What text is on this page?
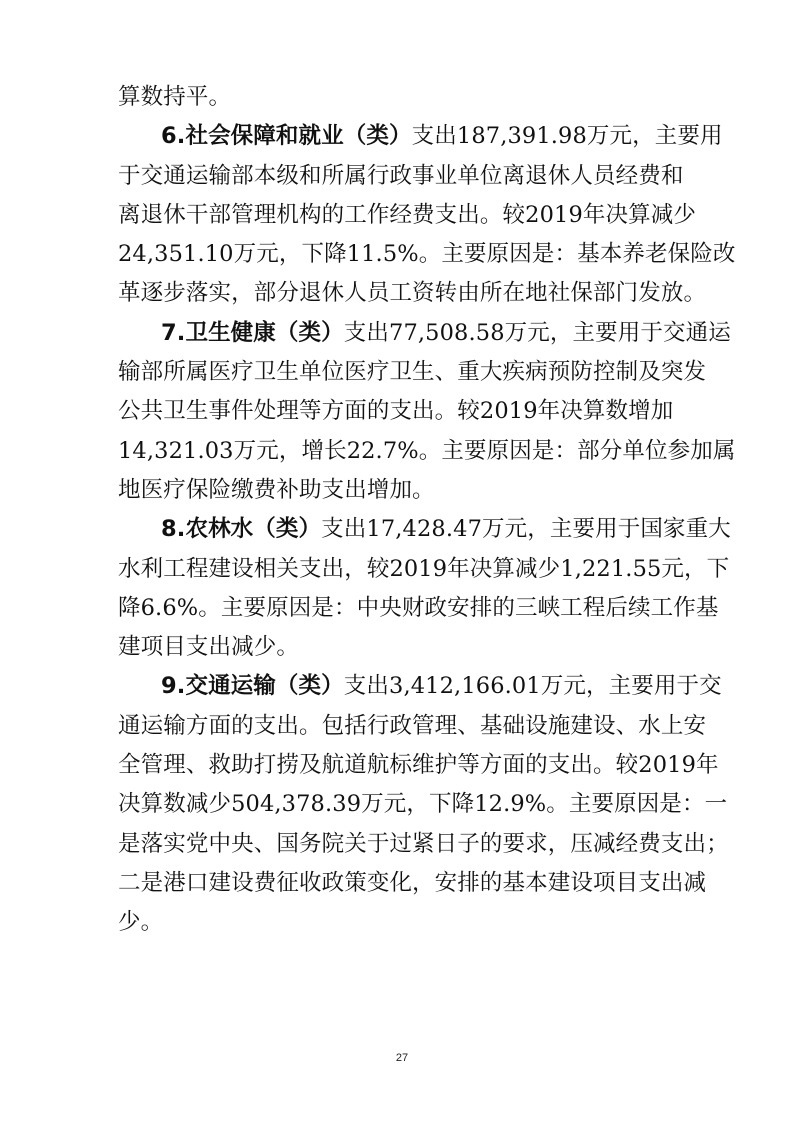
算数持平。

6.社会保障和就业（类）支出187,391.98万元，主要用
于交通运输部本级和所属行政事业单位离退休人员经费和
离退休干部管理机构的工作经费支出。较2019年决算减少
24,351.10万元，下降11.5%。主要原因是：基本养老保险改
革逐步落实，部分退休人员工资转由所在地社保部门发放。

7.卫生健康（类）支出77,508.58万元，主要用于交通运
输部所属医疗卫生单位医疗卫生、重大疾病预防控制及突发
公共卫生事件处理等方面的支出。较2019年决算数增加
14,321.03万元，增长22.7%。主要原因是：部分单位参加属
地医疗保险缴费补助支出增加。

8.农林水（类）支出17,428.47万元，主要用于国家重大
水利工程建设相关支出，较2019年决算减少1,221.55元，下
降6.6%。主要原因是：中央财政安排的三峡工程后续工作基
建项目支出减少。

9.交通运输（类）支出3,412,166.01万元，主要用于交
通运输方面的支出。包括行政管理、基础设施建设、水上安
全管理、救助打捞及航道航标维护等方面的支出。较2019年
决算数减少504,378.39万元，下降12.9%。主要原因是：一
是落实党中央、国务院关于过紧日子的要求，压减经费支出；
二是港口建设费征收政策变化，安排的基本建设项目支出减
少。

27
